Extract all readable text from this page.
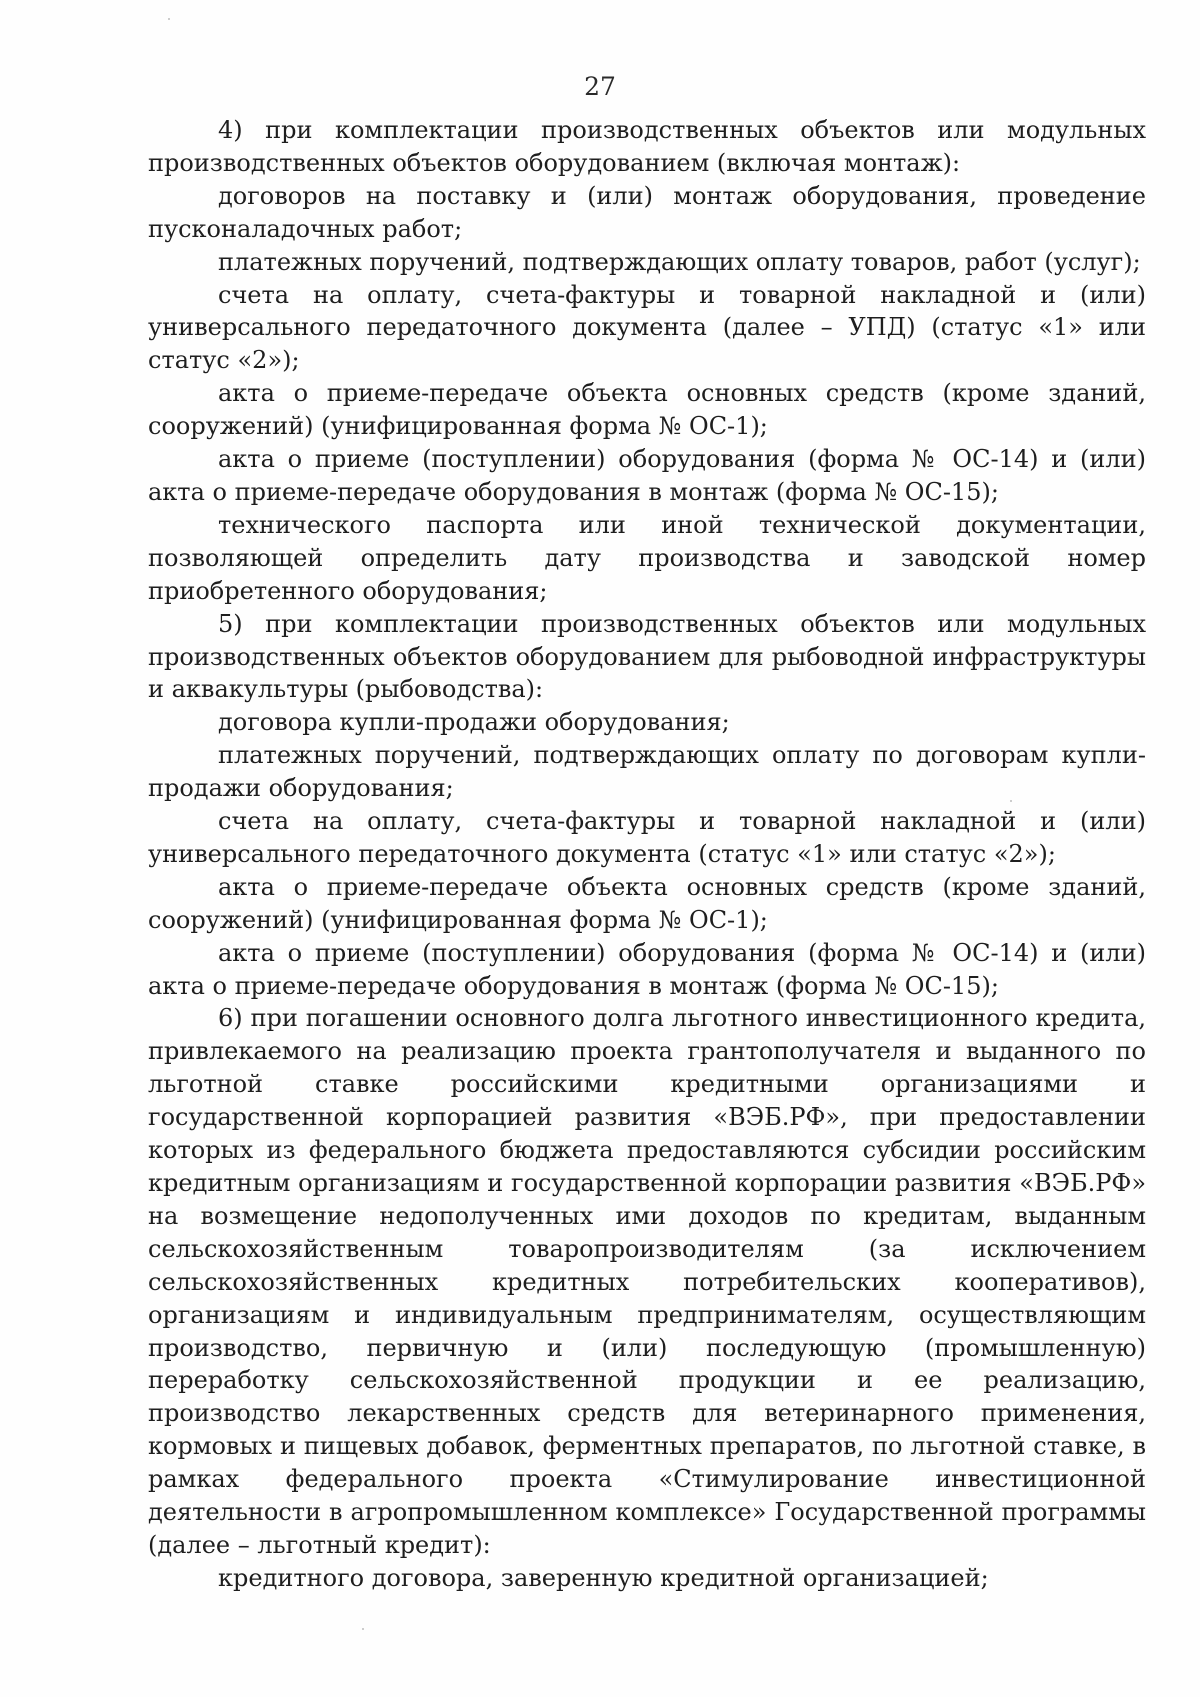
27

4) при комплектации производственных объектов или модульных производственных объектов оборудованием (включая монтаж):

договоров на поставку и (или) монтаж оборудования, проведение пусконаладочных работ;

платежных поручений, подтверждающих оплату товаров, работ (услуг);

счета на оплату, счета-фактуры и товарной накладной и (или) универсального передаточного документа (далее – УПД) (статус «1» или статус «2»);

акта о приеме-передаче объекта основных средств (кроме зданий, сооружений) (унифицированная форма № ОС-1);

акта о приеме (поступлении) оборудования (форма № ОС-14) и (или) акта о приеме-передаче оборудования в монтаж (форма № ОС-15);

технического паспорта или иной технической документации, позволяющей определить дату производства и заводской номер приобретенного оборудования;

5) при комплектации производственных объектов или модульных производственных объектов оборудованием для рыбоводной инфраструктуры и аквакультуры (рыбоводства):

договора купли-продажи оборудования;

платежных поручений, подтверждающих оплату по договорам купли-продажи оборудования;

счета на оплату, счета-фактуры и товарной накладной и (или) универсального передаточного документа (статус «1» или статус «2»);

акта о приеме-передаче объекта основных средств (кроме зданий, сооружений) (унифицированная форма № ОС-1);

акта о приеме (поступлении) оборудования (форма № ОС-14) и (или) акта о приеме-передаче оборудования в монтаж (форма № ОС-15);

6) при погашении основного долга льготного инвестиционного кредита, привлекаемого на реализацию проекта грантополучателя и выданного по льготной ставке российскими кредитными организациями и государственной корпорацией развития «ВЭБ.РФ», при предоставлении которых из федерального бюджета предоставляются субсидии российским кредитным организациям и государственной корпорации развития «ВЭБ.РФ» на возмещение недополученных ими доходов по кредитам, выданным сельскохозяйственным товаропроизводителям (за исключением сельскохозяйственных кредитных потребительских кооперативов), организациям и индивидуальным предпринимателям, осуществляющим производство, первичную и (или) последующую (промышленную) переработку сельскохозяйственной продукции и ее реализацию, производство лекарственных средств для ветеринарного применения, кормовых и пищевых добавок, ферментных препаратов, по льготной ставке, в рамках федерального проекта «Стимулирование инвестиционной деятельности в агропромышленном комплексе» Государственной программы (далее – льготный кредит):

кредитного договора, заверенную кредитной организацией;
